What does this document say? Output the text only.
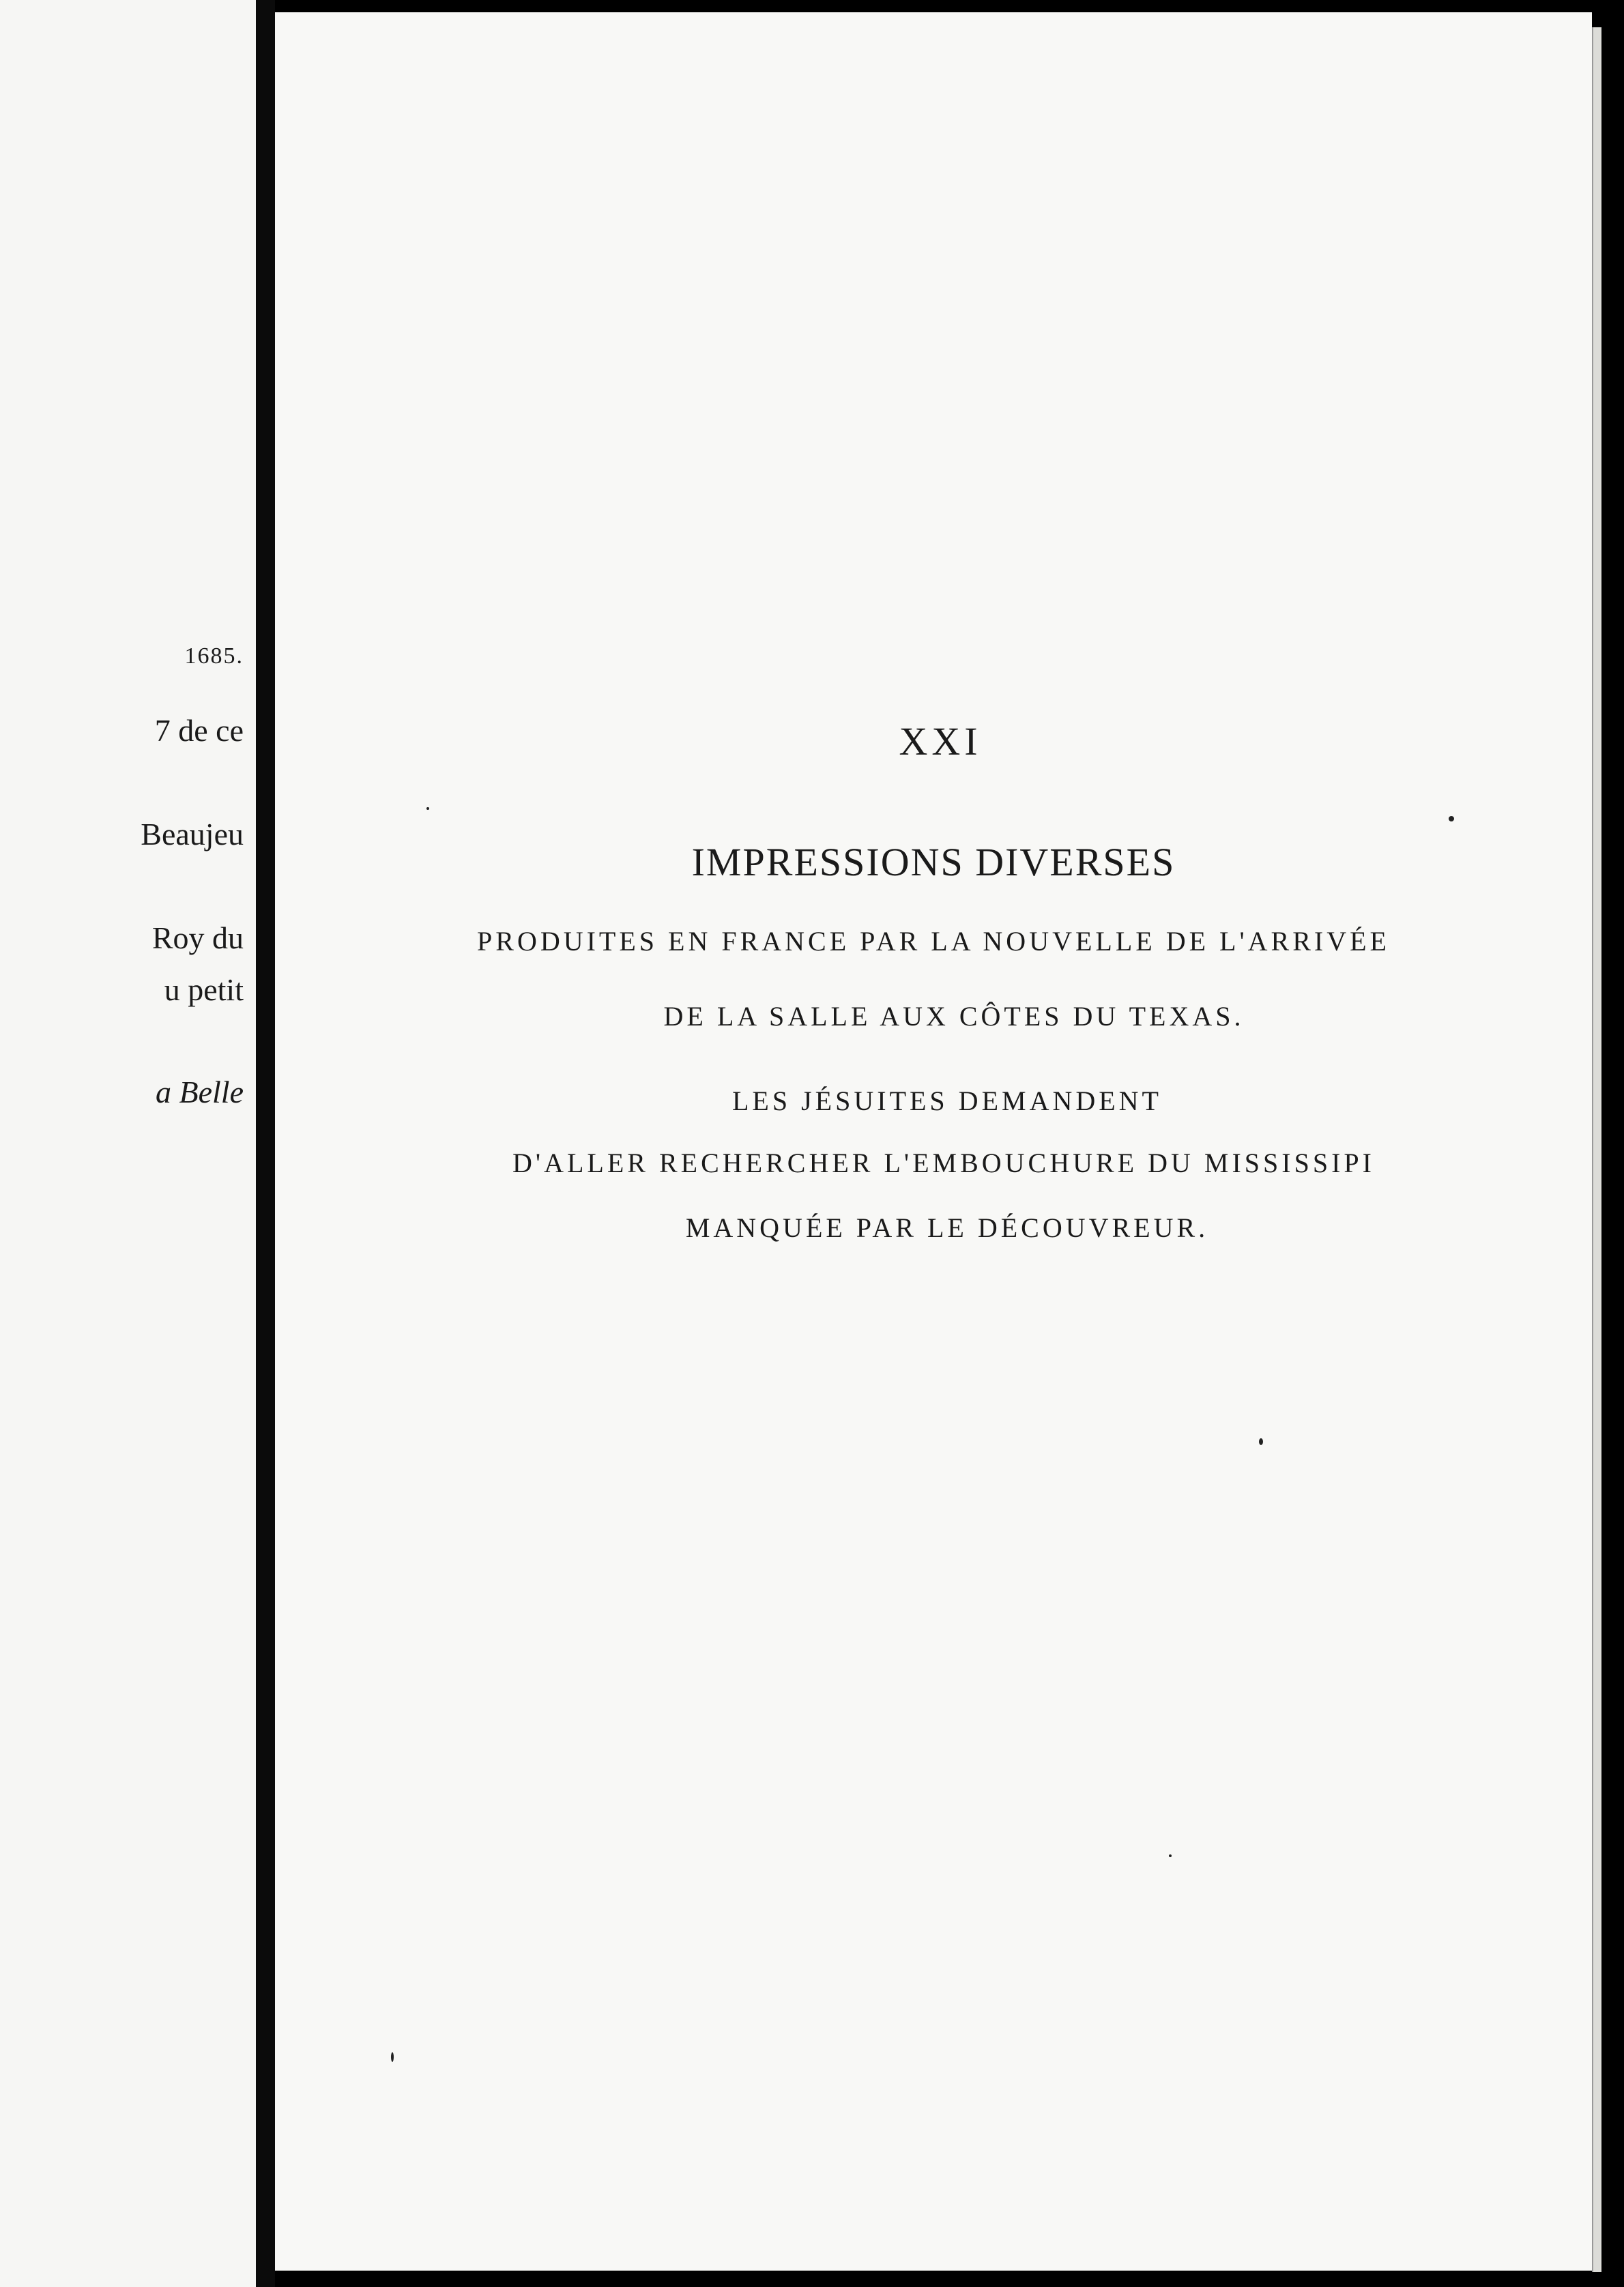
1685.
7 de ce
Beaujeu
Roy du
u petit
a Belle
XXI
IMPRESSIONS DIVERSES
PRODUITES EN FRANCE PAR LA NOUVELLE DE L'ARRIVÉE
DE LA SALLE AUX CÔTES DU TEXAS.
LES JÉSUITES DEMANDENT
D'ALLER RECHERCHER L'EMBOUCHURE DU MISSISSIPI
MANQUÉE PAR LE DÉCOUVREUR.
